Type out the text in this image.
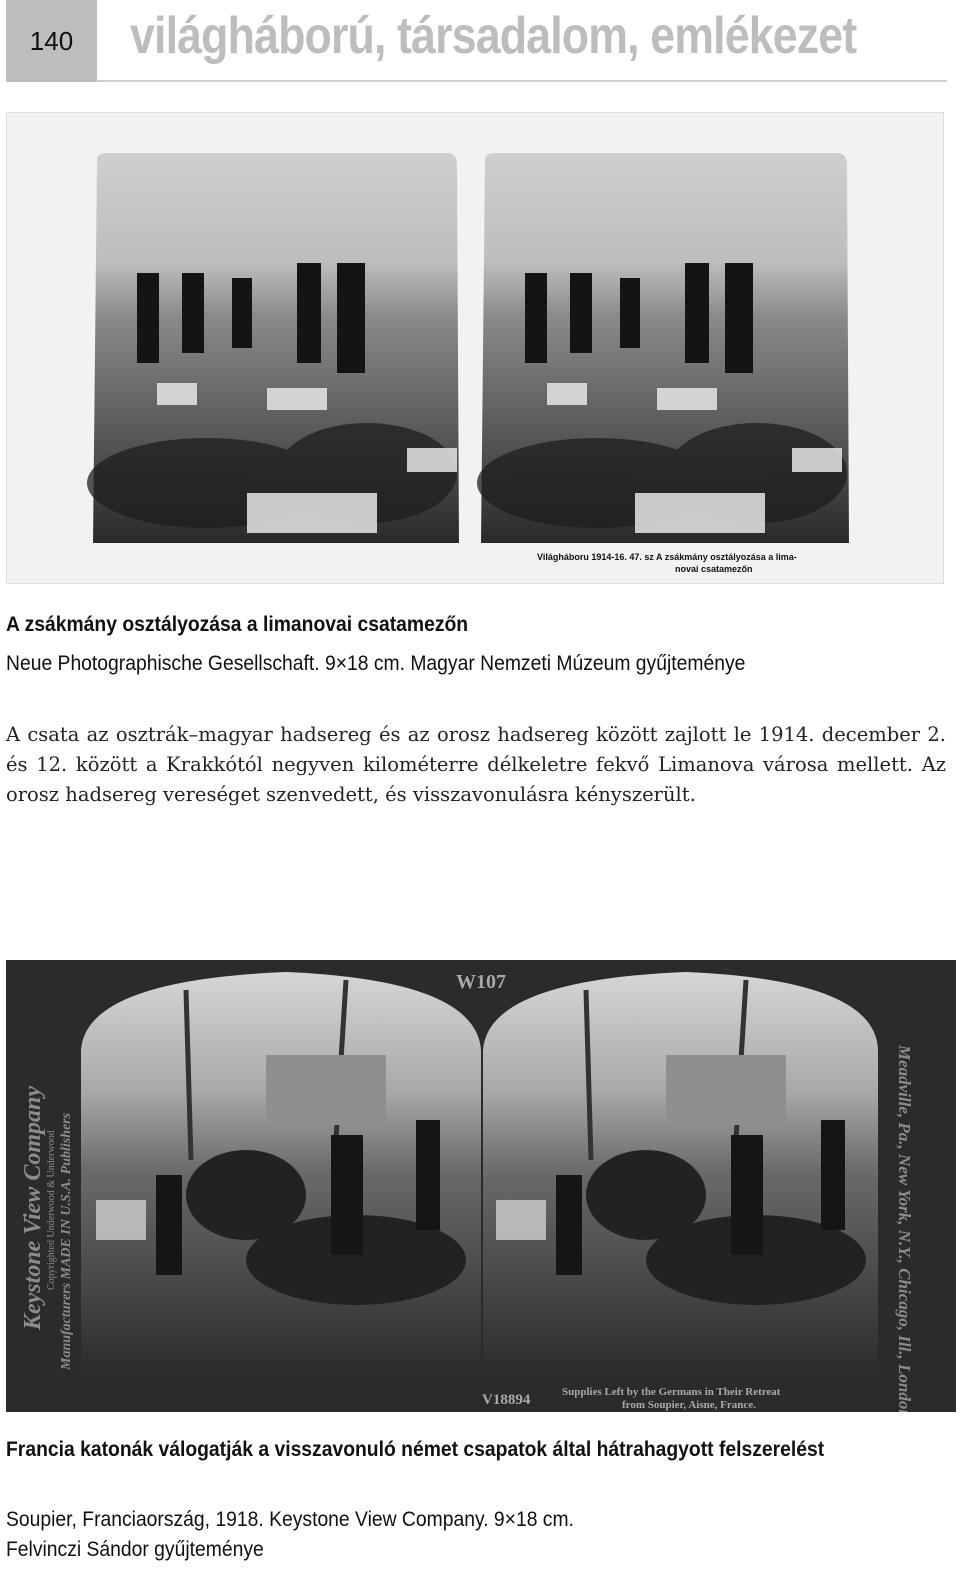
140 világháború, társadalom, emlékezet
Világháboru 1914-16. 47. sz A zsákmány osztályozása a lima-
novai csatamezőn
A zsákmány osztályozása a limanovai csatamezőn
Neue Photographische Gesellschaft. 9×18 cm. Magyar Nemzeti Múzeum gyűjteménye
A csata az osztrák–magyar hadsereg és az orosz hadsereg között zajlott le 1914. december 2. és 12. között a Krakkótól negyven kilométerre délkeletre fekvő Limanova városa mellett. Az orosz hadsereg vereséget szenvedett, és visszavonulásra kényszerült.
W107
Keystone View Company Copyrighted Underwood & Underwood Manufacturers MADE IN U.S.A. Publishers	Meadville, Pa., New York, N.Y., Chicago, Ill., London, England.
V18894	Supplies Left by the Germans in Their Retreat
from Soupier, Aisne, France.
Francia katonák válogatják a visszavonuló német csapatok által hátrahagyott felszerelést
Soupier, Franciaország, 1918. Keystone View Company. 9×18 cm.
Felvinczi Sándor gyűjteménye
